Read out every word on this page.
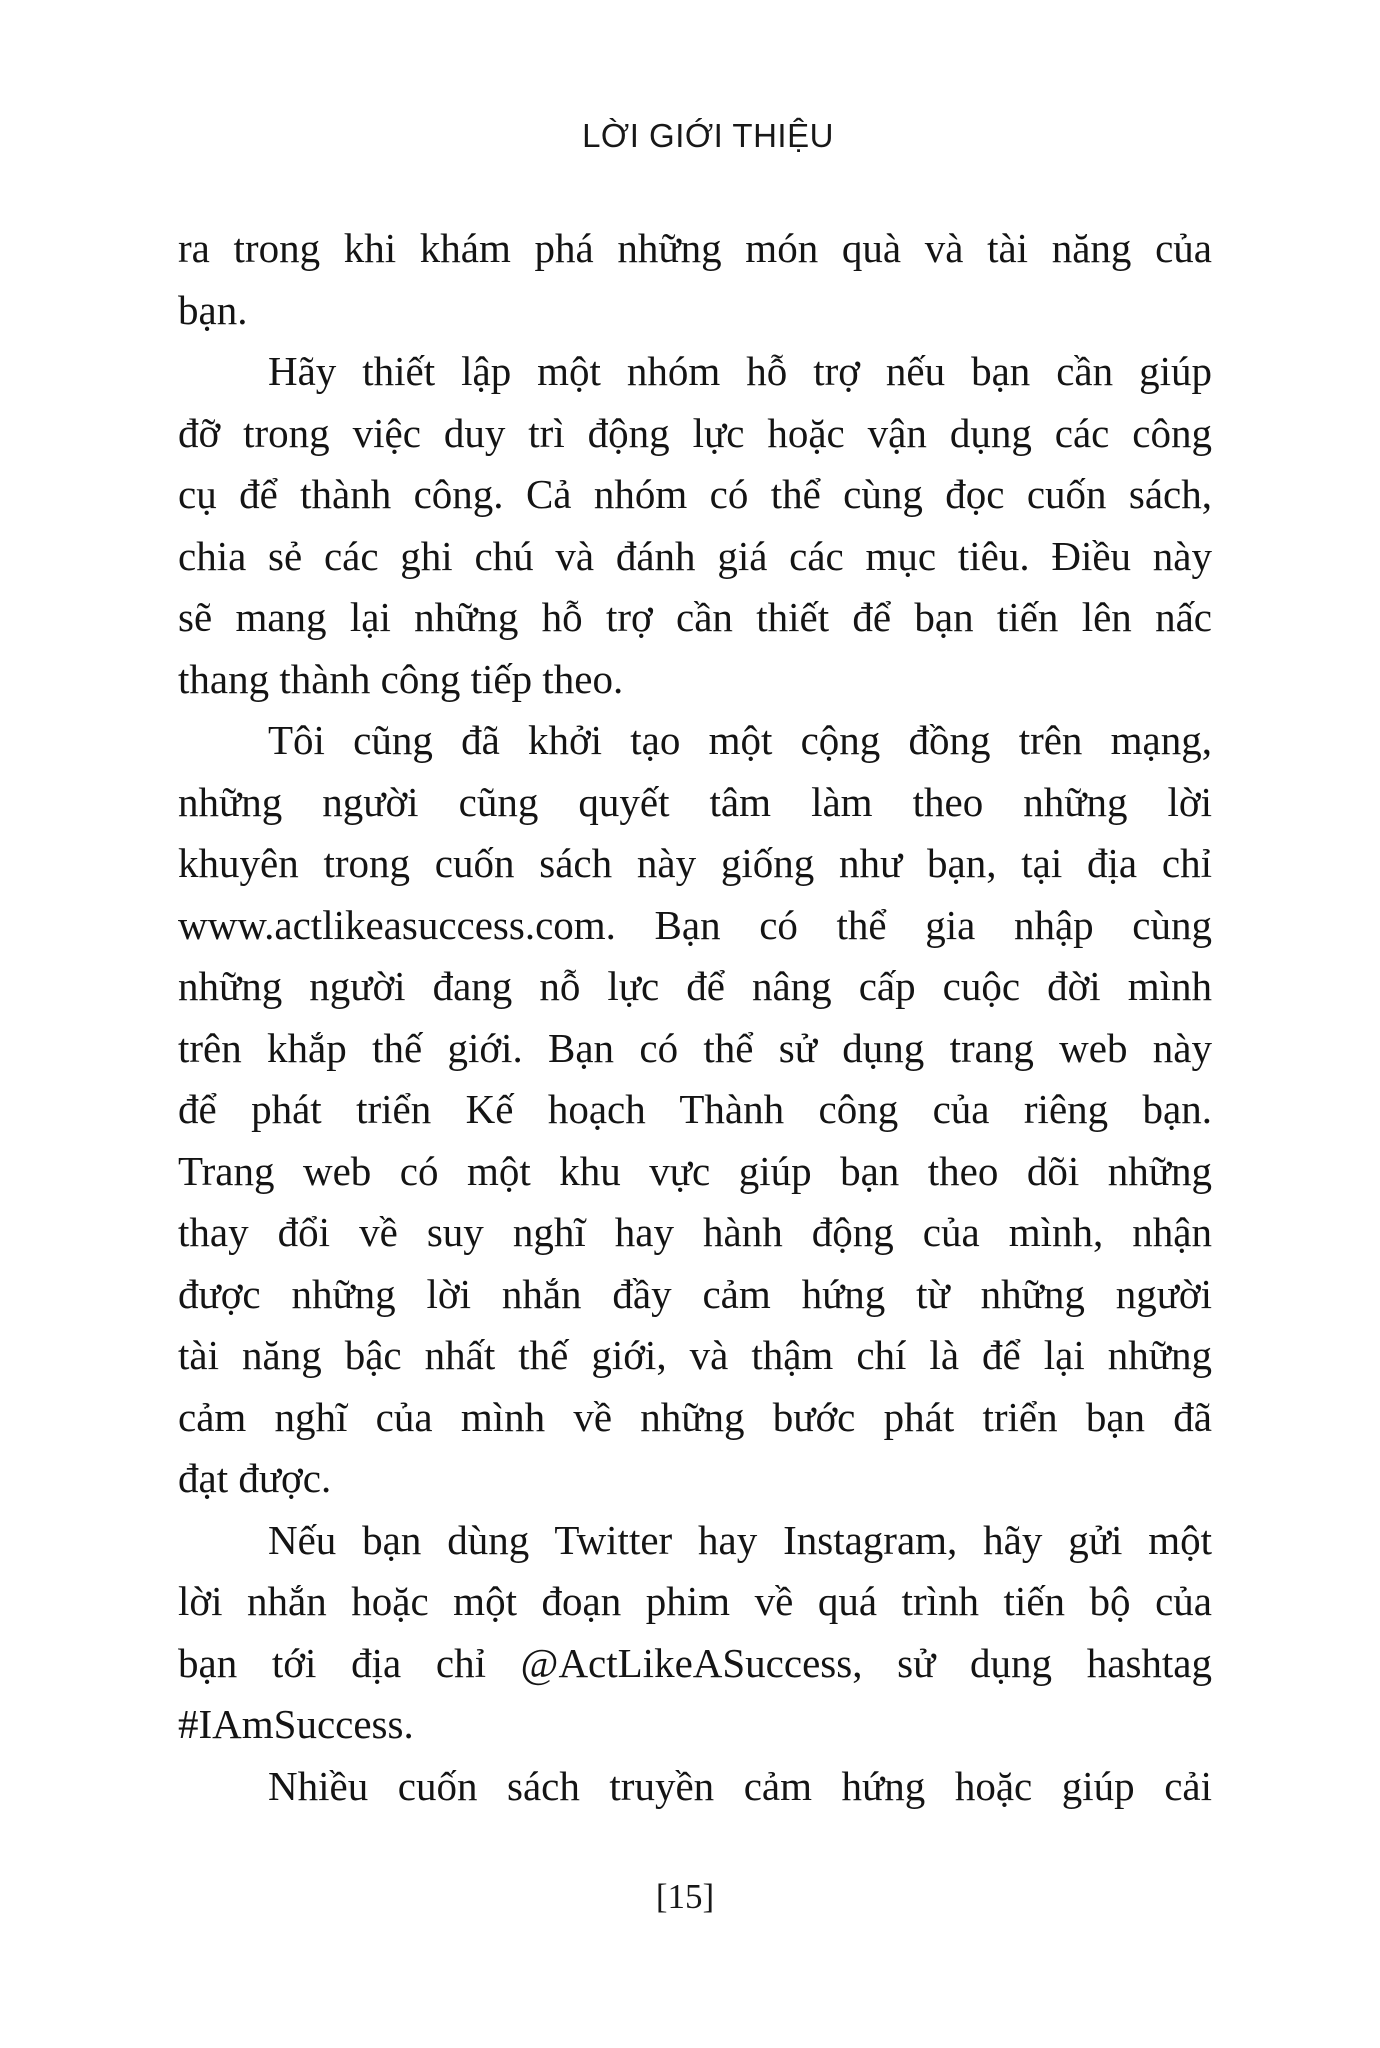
LỜI GIỚI THIỆU
ra trong khi khám phá những món quà và tài năng của
bạn.
Hãy thiết lập một nhóm hỗ trợ nếu bạn cần giúp
đỡ trong việc duy trì động lực hoặc vận dụng các công
cụ để thành công. Cả nhóm có thể cùng đọc cuốn sách,
chia sẻ các ghi chú và đánh giá các mục tiêu. Điều này
sẽ mang lại những hỗ trợ cần thiết để bạn tiến lên nấc
thang thành công tiếp theo.
Tôi cũng đã khởi tạo một cộng đồng trên mạng,
những người cũng quyết tâm làm theo những lời
khuyên trong cuốn sách này giống như bạn, tại địa chỉ
www.actlikeasuccess.com. Bạn có thể gia nhập cùng
những người đang nỗ lực để nâng cấp cuộc đời mình
trên khắp thế giới. Bạn có thể sử dụng trang web này
để phát triển Kế hoạch Thành công của riêng bạn.
Trang web có một khu vực giúp bạn theo dõi những
thay đổi về suy nghĩ hay hành động của mình, nhận
được những lời nhắn đầy cảm hứng từ những người
tài năng bậc nhất thế giới, và thậm chí là để lại những
cảm nghĩ của mình về những bước phát triển bạn đã
đạt được.
Nếu bạn dùng Twitter hay Instagram, hãy gửi một
lời nhắn hoặc một đoạn phim về quá trình tiến bộ của
bạn tới địa chỉ @ActLikeASuccess, sử dụng hashtag
#IAmSuccess.
Nhiều cuốn sách truyền cảm hứng hoặc giúp cải
[15]
